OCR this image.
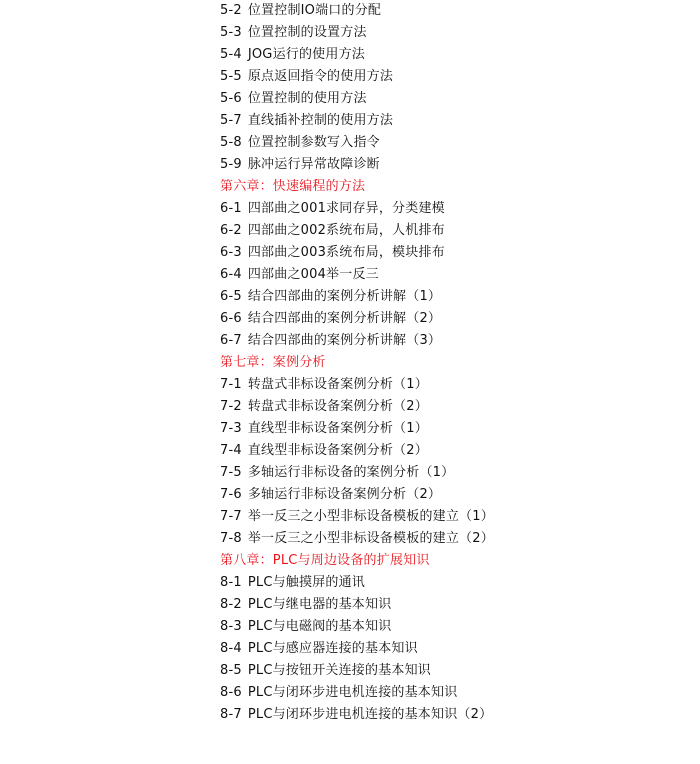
5-2 位置控制IO端口的分配
5-3 位置控制的设置方法
5-4 JOG运行的使用方法
5-5 原点返回指令的使用方法
5-6 位置控制的使用方法
5-7 直线插补控制的使用方法
5-8 位置控制参数写入指令
5-9 脉冲运行异常故障诊断
第六章：快速编程的方法
6-1 四部曲之001求同存异，分类建模
6-2 四部曲之002系统布局，人机排布
6-3 四部曲之003系统布局，模块排布
6-4 四部曲之004举一反三
6-5 结合四部曲的案例分析讲解（1）
6-6 结合四部曲的案例分析讲解（2）
6-7 结合四部曲的案例分析讲解（3）
第七章：案例分析
7-1 转盘式非标设备案例分析（1）
7-2 转盘式非标设备案例分析（2）
7-3 直线型非标设备案例分析（1）
7-4 直线型非标设备案例分析（2）
7-5 多轴运行非标设备的案例分析（1）
7-6 多轴运行非标设备案例分析（2）
7-7 举一反三之小型非标设备模板的建立（1）
7-8 举一反三之小型非标设备模板的建立（2）
第八章：PLC与周边设备的扩展知识
8-1 PLC与触摸屏的通讯
8-2 PLC与继电器的基本知识
8-3 PLC与电磁阀的基本知识
8-4 PLC与感应器连接的基本知识
8-5 PLC与按钮开关连接的基本知识
8-6 PLC与闭环步进电机连接的基本知识
8-7 PLC与闭环步进电机连接的基本知识（2）
